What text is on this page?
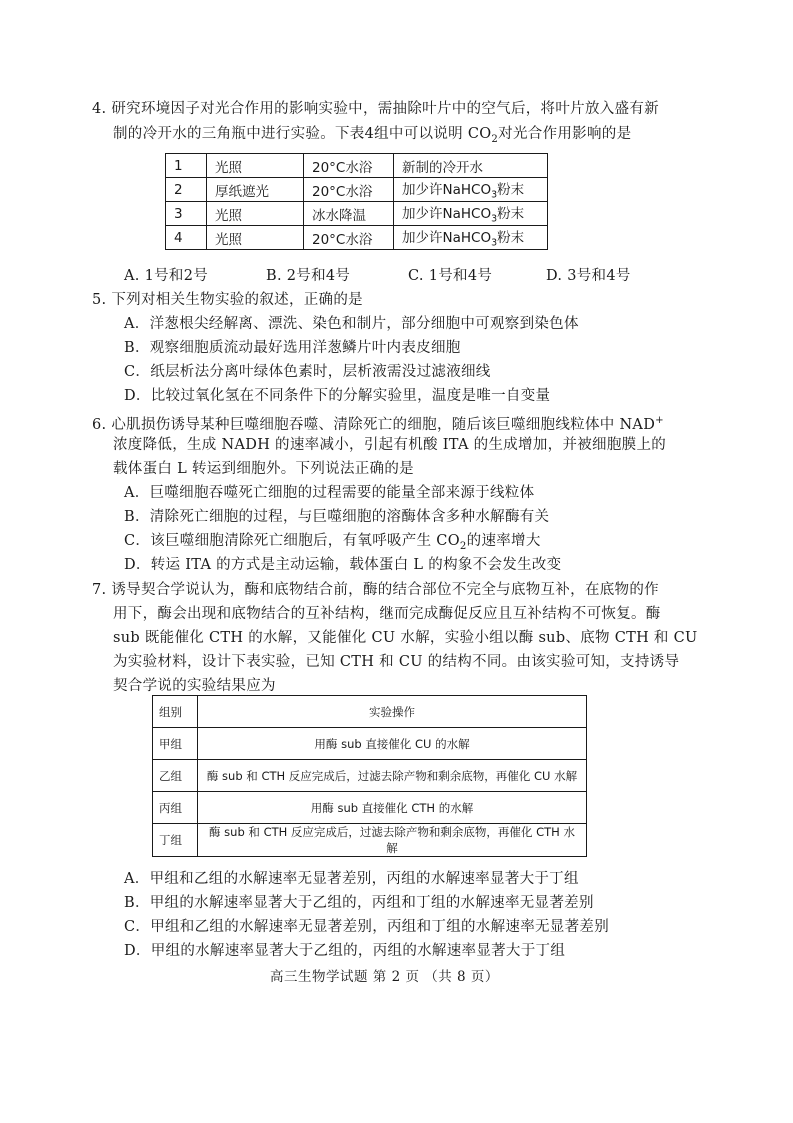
4. 研究环境因子对光合作用的影响实验中，需抽除叶片中的空气后，将叶片放入盛有新
制的冷开水的三角瓶中进行实验。下表4组中可以说明 $CO_2$对光合作用影响的是
1	光照	20°C水浴	新制的冷开水
2	厚纸遮光	20°C水浴	加少许NaHCO$_3$粉末
3	光照	冰水降温	加少许NaHCO$_3$粉末
4	光照	20°C水浴	加少许NaHCO$_3$粉末
A. 1号和2号	B. 2号和4号	C. 1号和4号	D. 3号和4号
5. 下列对相关生物实验的叙述，正确的是
A．洋葱根尖经解离、漂洗、染色和制片，部分细胞中可观察到染色体
B．观察细胞质流动最好选用洋葱鳞片叶内表皮细胞
C．纸层析法分离叶绿体色素时，层析液需没过滤液细线
D．比较过氧化氢在不同条件下的分解实验里，温度是唯一自变量
6. 心肌损伤诱导某种巨噬细胞吞噬、清除死亡的细胞，随后该巨噬细胞线粒体中 NAD+
浓度降低，生成 NADH 的速率减小，引起有机酸 ITA 的生成增加，并被细胞膜上的
载体蛋白 L 转运到细胞外。下列说法正确的是
A．巨噬细胞吞噬死亡细胞的过程需要的能量全部来源于线粒体
B．清除死亡细胞的过程，与巨噬细胞的溶酶体含多种水解酶有关
C．该巨噬细胞清除死亡细胞后，有氧呼吸产生 $CO_2$的速率增大
D．转运 ITA 的方式是主动运输，载体蛋白 L 的构象不会发生改变
7. 诱导契合学说认为，酶和底物结合前，酶的结合部位不完全与底物互补，在底物的作
用下，酶会出现和底物结合的互补结构，继而完成酶促反应且互补结构不可恢复。酶
sub 既能催化 CTH 的水解，又能催化 CU 水解，实验小组以酶 sub、底物 CTH 和 CU
为实验材料，设计下表实验，已知 CTH 和 CU 的结构不同。由该实验可知，支持诱导
契合学说的实验结果应为
组别	实验操作
甲组	用酶 sub 直接催化 CU 的水解
乙组	酶 sub 和 CTH 反应完成后，过滤去除产物和剩余底物，再催化 CU 水解
丙组	用酶 sub 直接催化 CTH 的水解
丁组	酶 sub 和 CTH 反应完成后，过滤去除产物和剩余底物，再催化 CTH 水解
A．甲组和乙组的水解速率无显著差别，丙组的水解速率显著大于丁组
B．甲组的水解速率显著大于乙组的，丙组和丁组的水解速率无显著差别
C．甲组和乙组的水解速率无显著差别，丙组和丁组的水解速率无显著差别
D．甲组的水解速率显著大于乙组的，丙组的水解速率显著大于丁组
高三生物学试题 第 2 页 （共 8 页）
